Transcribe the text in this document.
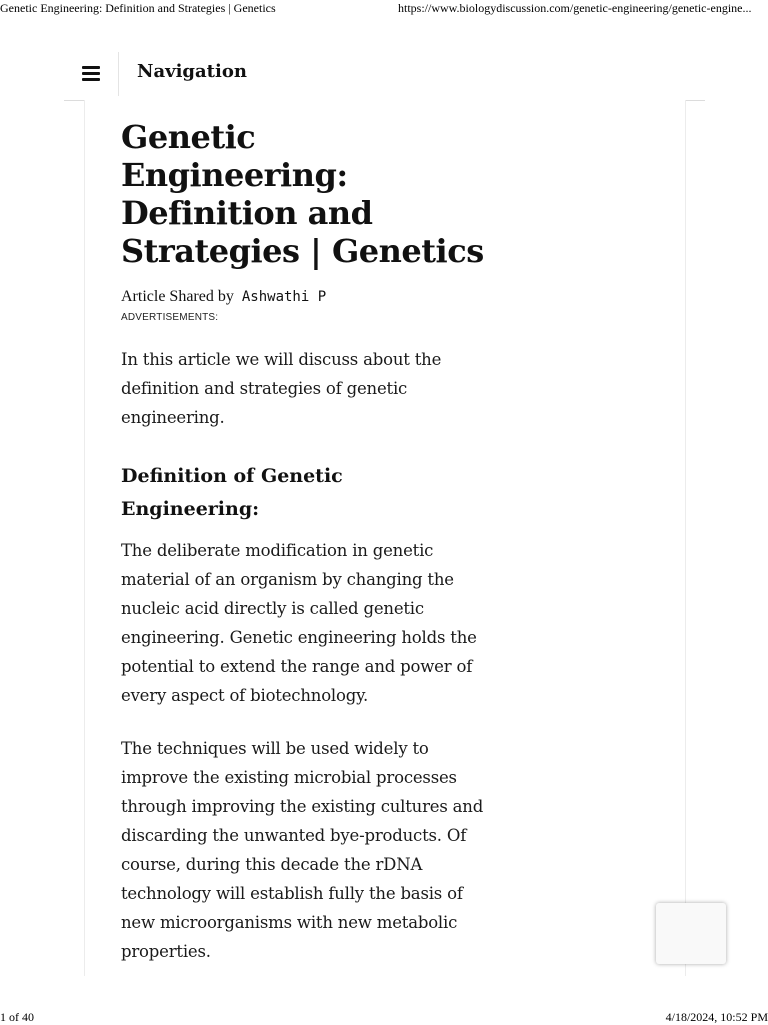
Genetic Engineering: Definition and Strategies | Genetics	https://www.biologydiscussion.com/genetic-engineering/genetic-engine...
Navigation
Genetic Engineering: Definition and Strategies | Genetics
Article Shared by Ashwathi P
ADVERTISEMENTS:

In this article we will discuss about the definition and strategies of genetic engineering.

Definition of Genetic Engineering:

The deliberate modification in genetic material of an organism by changing the nucleic acid directly is called genetic engineering. Genetic engineering holds the potential to extend the range and power of every aspect of biotechnology.

The techniques will be used widely to improve the existing microbial processes through improving the existing cultures and discarding the unwanted bye-products. Of course, during this decade the rDNA technology will establish fully the basis of new microorganisms with new metabolic properties.

1 of 40	4/18/2024, 10:52 PM
